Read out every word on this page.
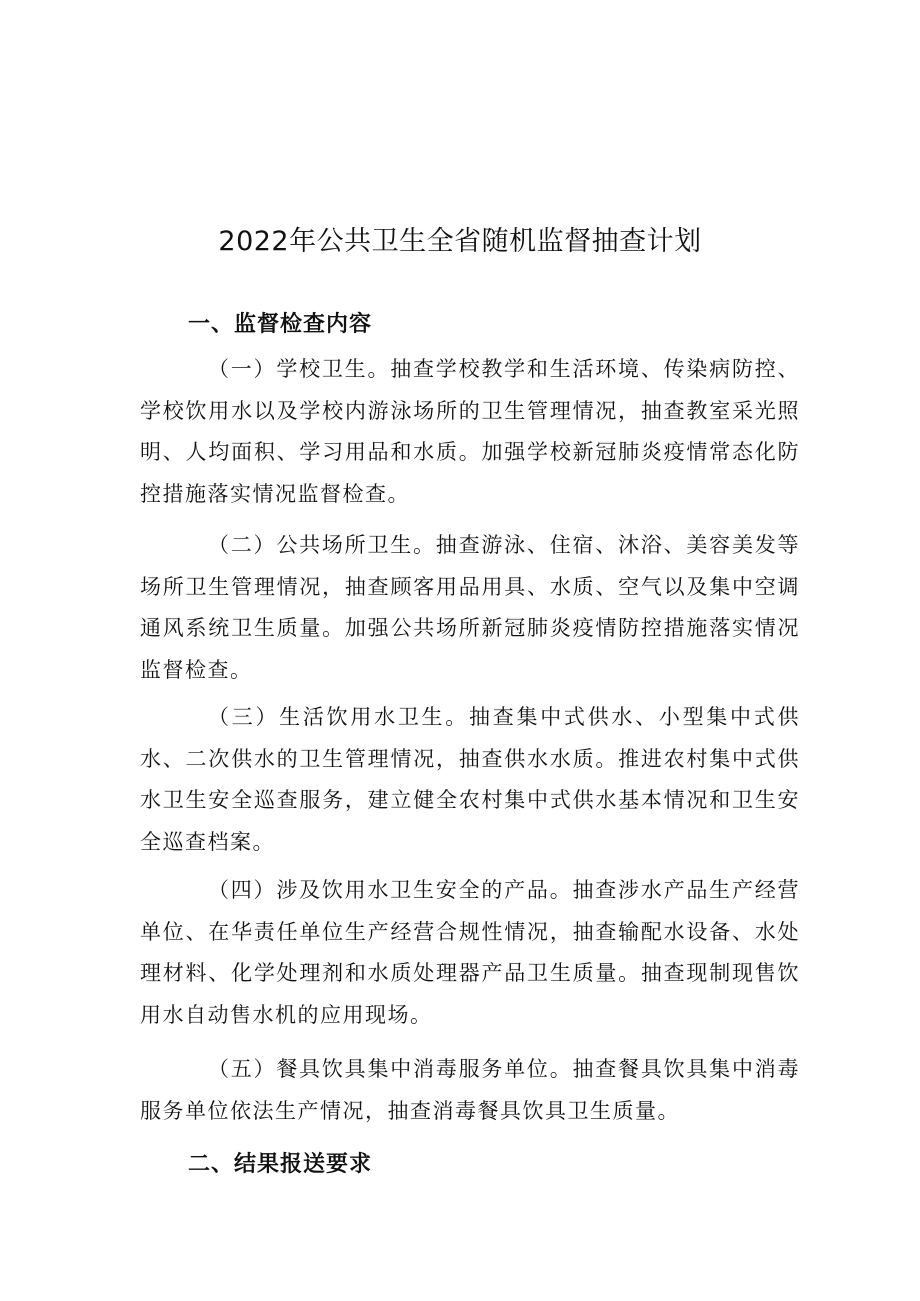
2022年公共卫生全省随机监督抽查计划
一、监督检查内容

（一）学校卫生。抽查学校教学和生活环境、传染病防控、学校饮用水以及学校内游泳场所的卫生管理情况，抽查教室采光照明、人均面积、学习用品和水质。加强学校新冠肺炎疫情常态化防控措施落实情况监督检查。

（二）公共场所卫生。抽查游泳、住宿、沐浴、美容美发等场所卫生管理情况，抽查顾客用品用具、水质、空气以及集中空调通风系统卫生质量。加强公共场所新冠肺炎疫情防控措施落实情况监督检查。

（三）生活饮用水卫生。抽查集中式供水、小型集中式供水、二次供水的卫生管理情况，抽查供水水质。推进农村集中式供水卫生安全巡查服务，建立健全农村集中式供水基本情况和卫生安全巡查档案。

（四）涉及饮用水卫生安全的产品。抽查涉水产品生产经营单位、在华责任单位生产经营合规性情况，抽查输配水设备、水处理材料、化学处理剂和水质处理器产品卫生质量。抽查现制现售饮用水自动售水机的应用现场。

（五）餐具饮具集中消毒服务单位。抽查餐具饮具集中消毒服务单位依法生产情况，抽查消毒餐具饮具卫生质量。

二、结果报送要求
